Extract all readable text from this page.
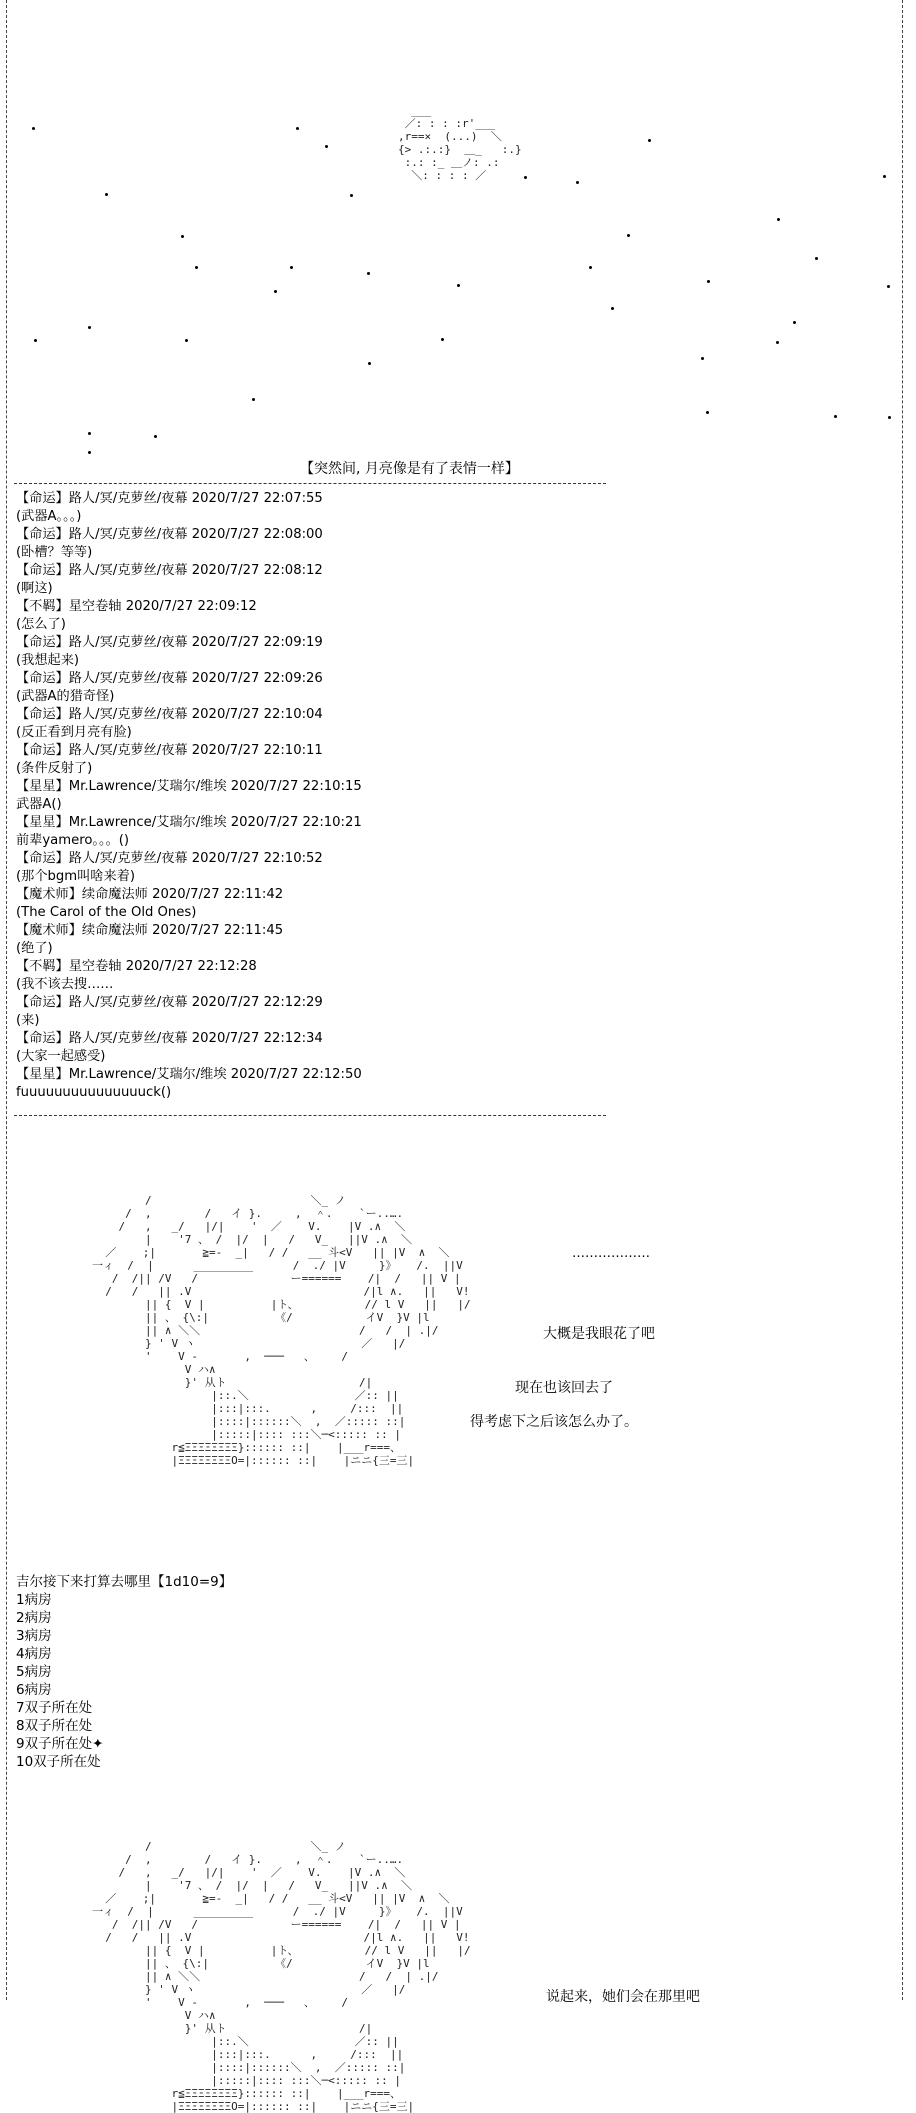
___
／: : : :r'___
,r==×  (...)  ＼
{> .:.:}  ＿_   :.}
:.: :_ ＿ノ: .:
＼: : : : ／
【突然间, 月亮像是有了表情一样】
【命运】路人/冥/克萝丝/夜幕 2020/7/27 22:07:55
(武器A。。。)
【命运】路人/冥/克萝丝/夜幕 2020/7/27 22:08:00
(卧槽？等等)
【命运】路人/冥/克萝丝/夜幕 2020/7/27 22:08:12
(啊这)
【不羁】星空卷轴 2020/7/27 22:09:12
(怎么了)
【命运】路人/冥/克萝丝/夜幕 2020/7/27 22:09:19
(我想起来)
【命运】路人/冥/克萝丝/夜幕 2020/7/27 22:09:26
(武器A的猎奇怪)
【命运】路人/冥/克萝丝/夜幕 2020/7/27 22:10:04
(反正看到月亮有脸)
【命运】路人/冥/克萝丝/夜幕 2020/7/27 22:10:11
(条件反射了)
【星星】Mr.Lawrence/艾瑞尔/维埃 2020/7/27 22:10:15
武器A()
【星星】Mr.Lawrence/艾瑞尔/维埃 2020/7/27 22:10:21
前辈yamero。。。()
【命运】路人/冥/克萝丝/夜幕 2020/7/27 22:10:52
(那个bgm叫啥来着)
【魔术师】续命魔法师 2020/7/27 22:11:42
(The Carol of the Old Ones)
【魔术师】续命魔法师 2020/7/27 22:11:45
(绝了)
【不羁】星空卷轴 2020/7/27 22:12:28
(我不该去搜……
【命运】路人/冥/克萝丝/夜幕 2020/7/27 22:12:29
(来)
【命运】路人/冥/克萝丝/夜幕 2020/7/27 22:12:34
(大家一起感受)
【星星】Mr.Lawrence/艾瑞尔/维埃 2020/7/27 22:12:50
fuuuuuuuuuuuuuuuck()
/                        ＼_ ノ
/  ,        /   イ }.     ,  ＾.    `ー..….
/   ,   _/   |/|    '  ／    V.    |V .∧  ＼
|    '7 、 /  |/  |   /   V_   ||V .∧  ＼
／    ;|       ≧=-  _|   / /   __ 斗<V   || |V  ∧  ＼
一ィ  /  |      _________      /  ./ |V     }》   /.  ||V
/  /|| /V   /              ー======    /|  /   || V |
/   /   || .V                          /|l ∧.   ||   V!
|| {  V |          |ト、          // l V   ||   |/
|| 、 {\:|          《/           イV  }V |l
|| ∧ ＼＼                        /   /  | .|/
} ' V ヽ                         ／   |/
'    V ‐       ,  ───   、    /
V ハ∧
}' 从ト                    /|
|::.＼                ／:: ||
|:::|:::.      ,     /:::  ||
|::::|::::::＼  ,  ／::::: ::|
|:::::|:::: :::＼─<::::: :: |
r≦ΞΞΞΞΞΞΞΞ}:::::: ::|    |___r===、
|ΞΞΞΞΞΞΞΞΟ=|:::::: ::|    |ニニ{三=三|
………………
大概是我眼花了吧
现在也该回去了
得考虑下之后该怎么办了。
吉尔接下来打算去哪里【1d10=9】
1病房
2病房
3病房
4病房
5病房
6病房
7双子所在处
8双子所在处
9双子所在处✦
10双子所在处
/                        ＼_ ノ
/  ,        /   イ }.     ,  ＾.    `ー..….
/   ,   _/   |/|    '  ／    V.    |V .∧  ＼
|    '7 、 /  |/  |   /   V_   ||V .∧  ＼
／    ;|       ≧=-  _|   / /   __ 斗<V   || |V  ∧  ＼
一ィ  /  |      _________      /  ./ |V     }》   /.  ||V
/  /|| /V   /              ー======    /|  /   || V |
/   /   || .V                          /|l ∧.   ||   V!
|| {  V |          |ト、          // l V   ||   |/
|| 、 {\:|          《/           イV  }V |l
|| ∧ ＼＼                        /   /  | .|/
} ' V ヽ                         ／   |/
'    V ‐       ,  ───   、    /
V ハ∧
}' 从ト                    /|
|::.＼                ／:: ||
|:::|:::.      ,     /:::  ||
|::::|::::::＼  ,  ／::::: ::|
|:::::|:::: :::＼─<::::: :: |
r≦ΞΞΞΞΞΞΞΞ}:::::: ::|    |___r===、
|ΞΞΞΞΞΞΞΞΟ=|:::::: ::|    |ニニ{三=三|
说起来，她们会在那里吧
